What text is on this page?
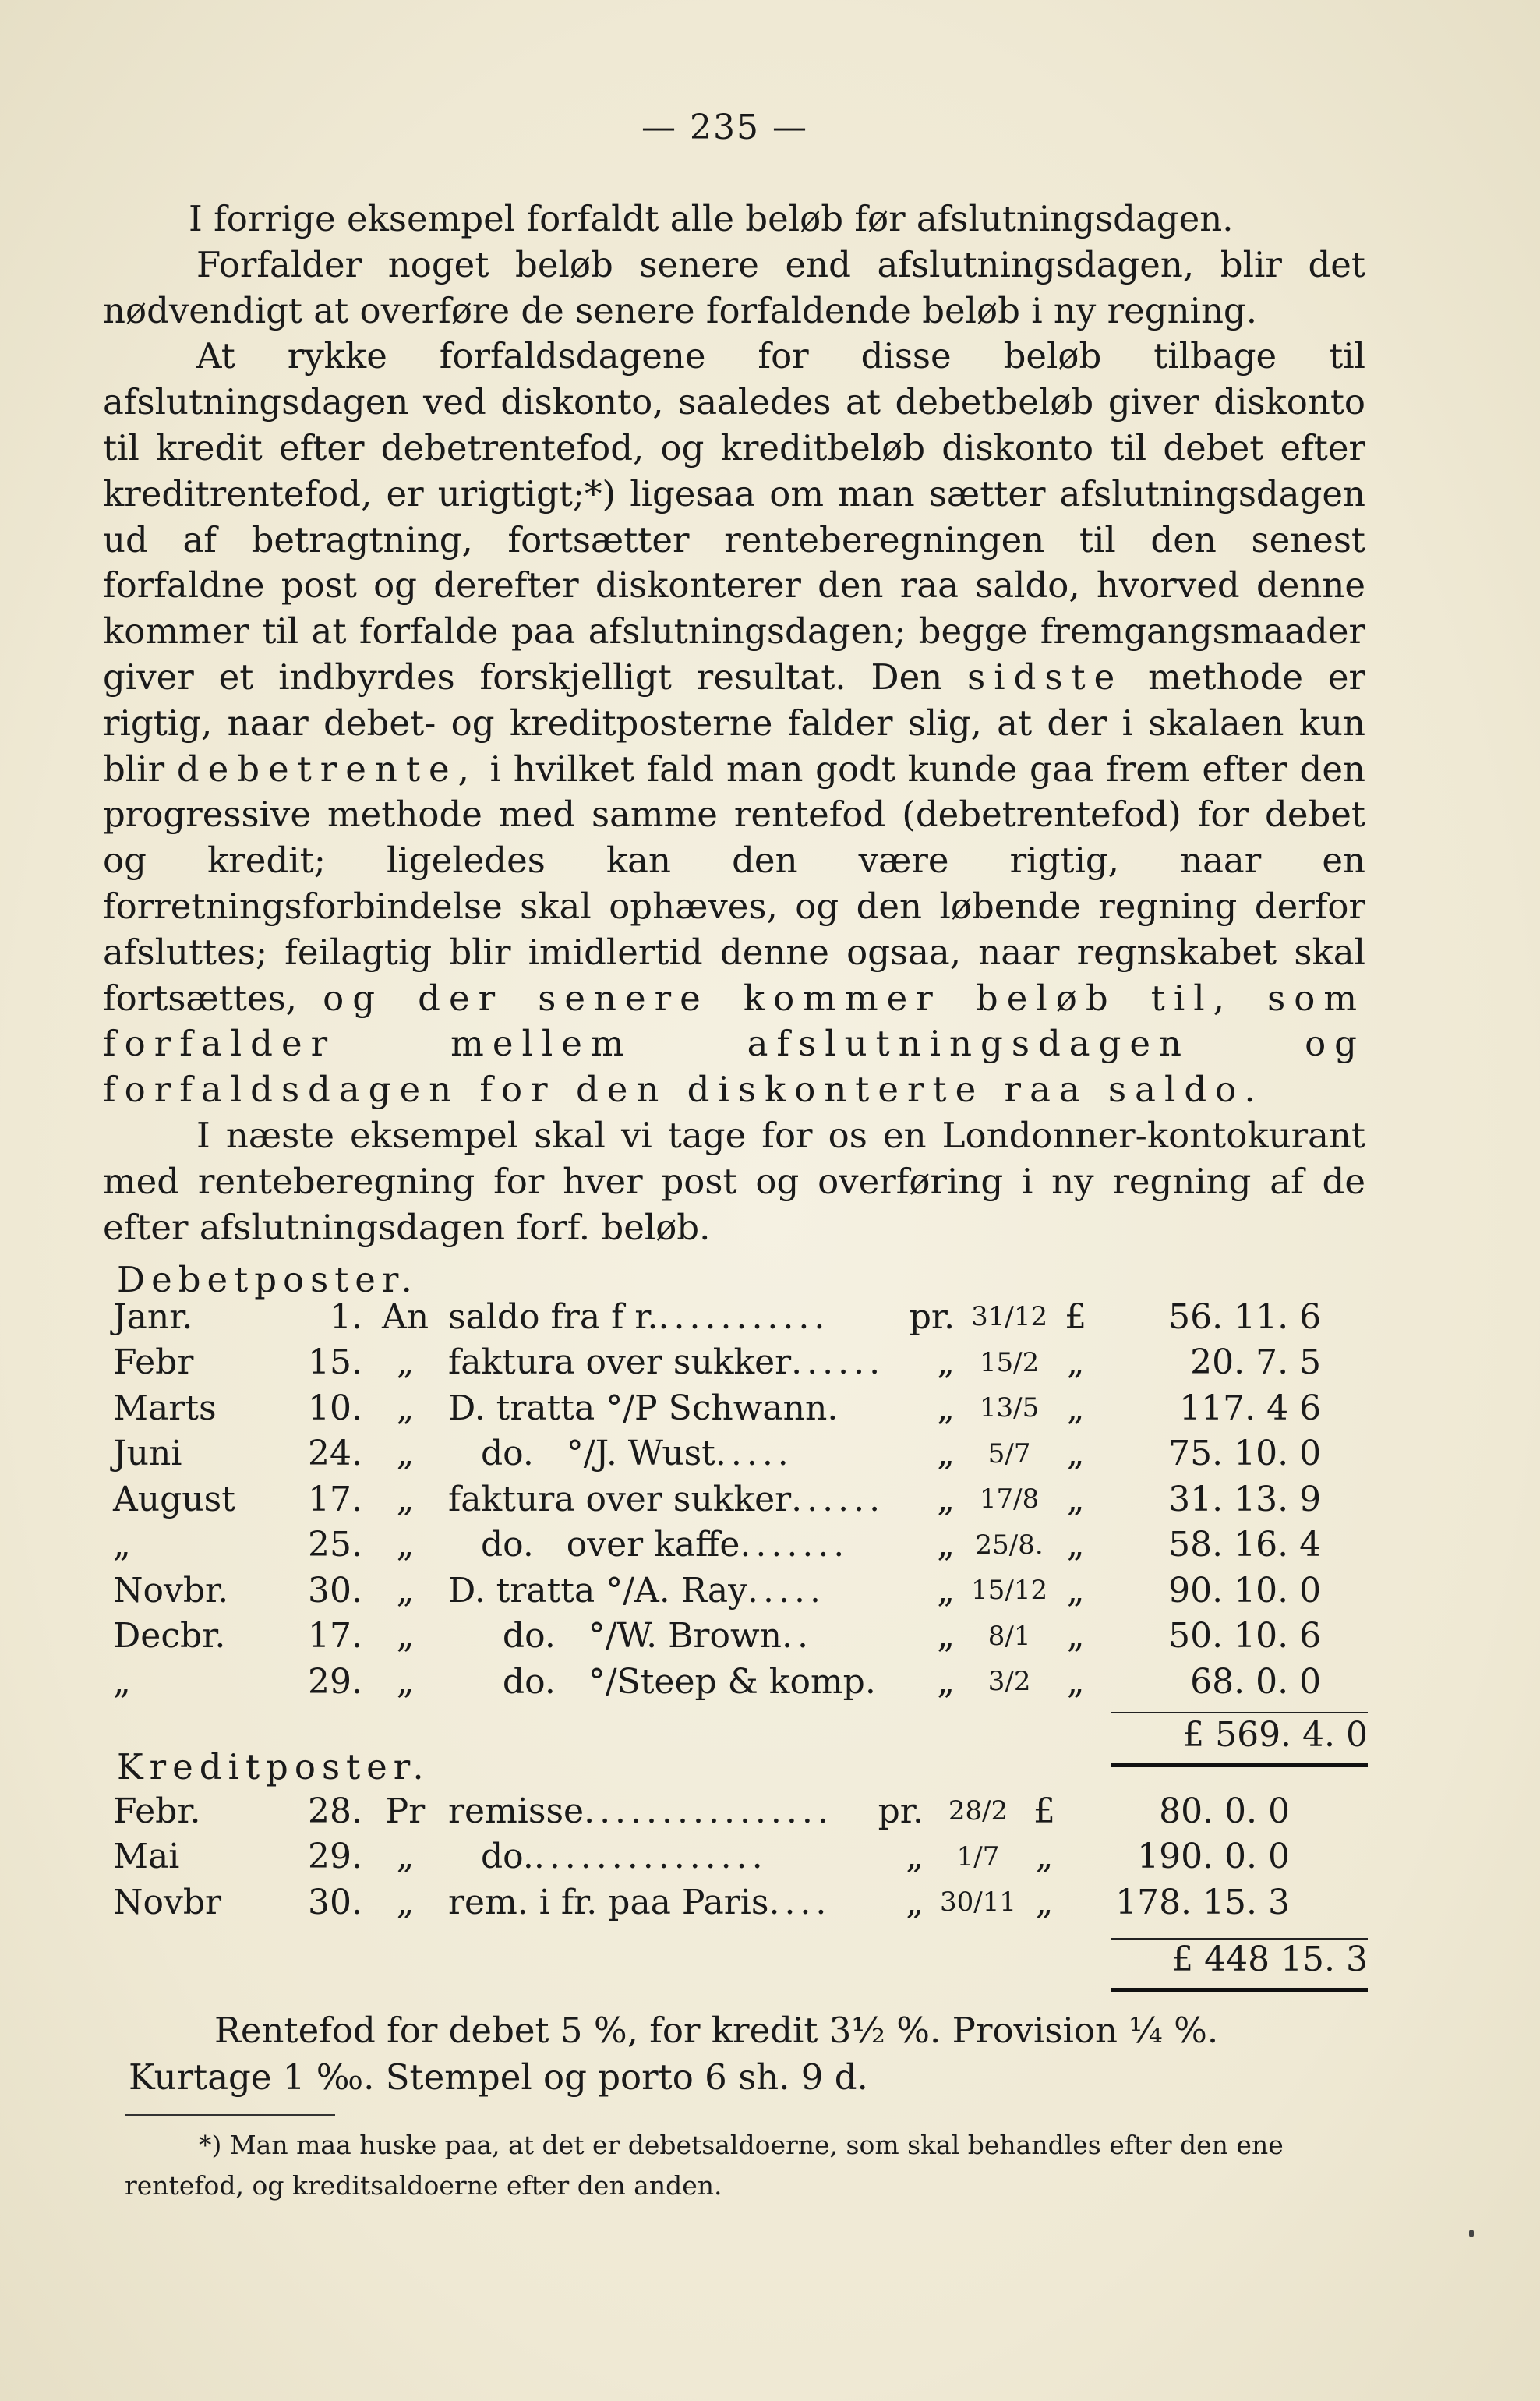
— 235 —

I forrige eksempel forfaldt alle beløb før afslutningsdagen.

Forfalder noget beløb senere end afslutningsdagen, blir det nødvendigt at overføre de senere forfaldende beløb i ny regning.

At rykke forfaldsdagene for disse beløb tilbage til afslutningsdagen ved diskonto, saaledes at debetbeløb giver diskonto til kredit efter debetrentefod, og kreditbeløb diskonto til debet efter kreditrentefod, er urigtigt;*) ligesaa om man sætter afslutningsdagen ud af betragtning, fortsætter renteberegningen til den senest forfaldne post og derefter diskonterer den raa saldo, hvorved denne kommer til at forfalde paa afslutningsdagen; begge fremgangsmaader giver et indbyrdes forskjelligt resultat. Den sidste methode er rigtig, naar debet- og kreditposterne falder slig, at der i skalaen kun blir debetrente, i hvilket fald man godt kunde gaa frem efter den progressive methode med samme rentefod (debetrentefod) for debet og kredit; ligeledes kan den være rigtig, naar en forretningsforbindelse skal ophæves, og den løbende regning derfor afsluttes; feilagtig blir imidlertid denne ogsaa, naar regnskabet skal fortsættes, og der senere kommer beløb til, som forfalder mellem afslutningsdagen og forfaldsdagen for den diskonterte raa saldo.

I næste eksempel skal vi tage for os en Londonner-kontokurant med renteberegning for hver post og overføring i ny regning af de efter afslutningsdagen forf. beløb.

Debetposter.
Janr.	1.	An	saldo fra f r............	pr.	31/12	£	56. 11. 6
Febr	15.	„	faktura over sukker......	„	15/2	„	20. 7. 5
Marts	10.	„	D. tratta °/P Schwann.	„	13/5	„	117. 4 6
Juni	24.	„	do.   °/J. Wust.....	„	5/7	„	75. 10. 0
August	17.	„	faktura over sukker......	„	17/8	„	31. 13. 9
„	25.	„	do.   over kaffe.......	„	25/8.	„	58. 16. 4
Novbr.	30.	„	D. tratta °/A. Ray.....	„	15/12	„	90. 10. 0
Decbr.	17.	„	do.   °/W. Brown..	„	8/1	„	50. 10. 6
„	29.	„	do.   °/Steep & komp.	„	3/2	„	68. 0. 0
£ 569. 4. 0
Kreditposter.
Febr.	28.	Pr	remisse................	pr.	28/2	£	80. 0. 0
Mai	29.	„	do................	„	1/7	„	190. 0. 0
Novbr	30.	„	rem. i fr. paa Paris....	„	30/11	„	178. 15. 3
£ 448 15. 3

Rentefod for debet 5 %, for kredit 3½ %. Provision ¼ %.

Kurtage 1 ‰. Stempel og porto 6 sh. 9 d.

*) Man maa huske paa, at det er debetsaldoerne, som skal behandles efter den ene rentefod, og kreditsaldoerne efter den anden.
